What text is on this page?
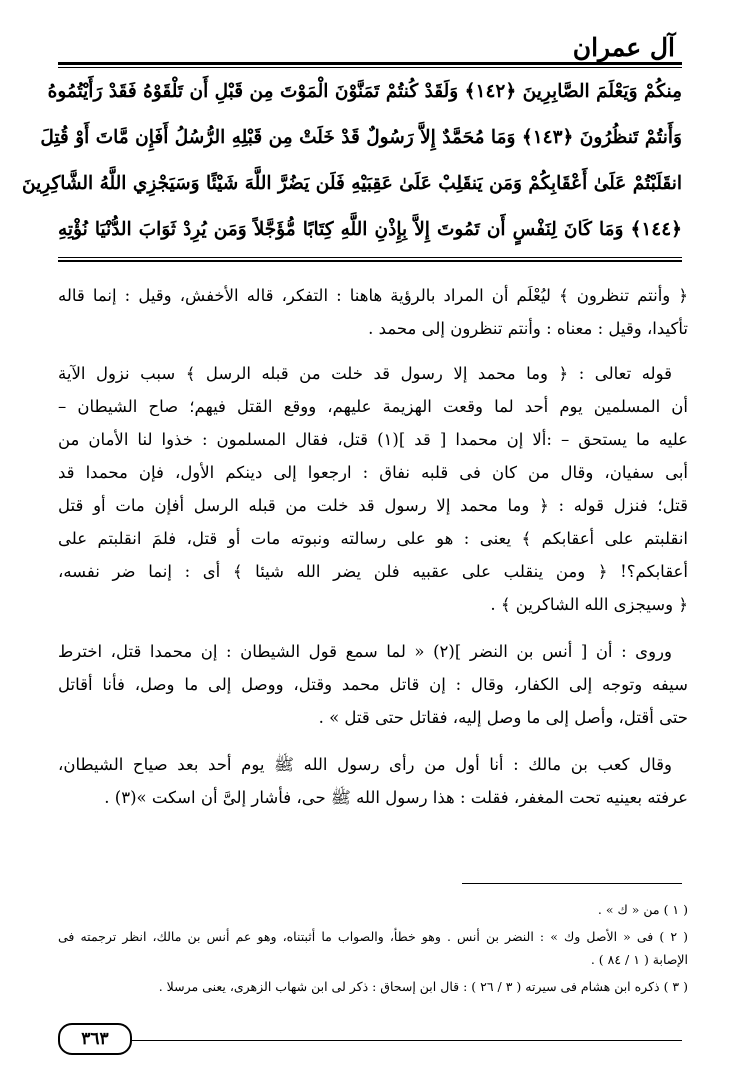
آل عمران
مِنكُمْ وَيَعْلَمَ الصَّابِرِينَ ﴿١٤٢﴾ وَلَقَدْ كُنتُمْ تَمَنَّوْنَ الْمَوْتَ مِن قَبْلِ أَن تَلْقَوْهُ فَقَدْ رَأَيْتُمُوهُ
وَأَنتُمْ تَنظُرُونَ ﴿١٤٣﴾ وَمَا مُحَمَّدٌ إِلاَّ رَسُولٌ قَدْ خَلَتْ مِن قَبْلِهِ الرُّسُلُ أَفَإِن مَّاتَ أَوْ قُتِلَ
انقَلَبْتُمْ عَلَىٰ أَعْقَابِكُمْ وَمَن يَنقَلِبْ عَلَىٰ عَقِبَيْهِ فَلَن يَضُرَّ اللَّهَ شَيْئًا وَسَيَجْزِي اللَّهُ الشَّاكِرِينَ
﴿١٤٤﴾ وَمَا كَانَ لِنَفْسٍ أَن تَمُوتَ إِلاَّ بِإِذْنِ اللَّهِ كِتَابًا مُّؤَجَّلاً وَمَن يُرِدْ ثَوَابَ الدُّنْيَا نُؤْتِهِ
﴿ وأنتم تنظرون ﴾ ليُعْلَم أن المراد بالرؤية هاهنا : التفكر، قاله الأخفش، وقيل : إنما قاله
تأكيدا، وقيل : معناه : وأنتم تنظرون إلى محمد .
قوله تعالى : ﴿ وما محمد إلا رسول قد خلت من قبله الرسل ﴾ سبب نزول الآية
أن المسلمين يوم أحد لما وقعت الهزيمة عليهم، ووقع القتل فيهم؛ صاح الشيطان –
عليه ما يستحق – :ألا إن محمدا [ قد ](١) قتل، فقال المسلمون : خذوا لنا الأمان من
أبى سفيان، وقال من كان فى قلبه نفاق : ارجعوا إلى دينكم الأول، فإن محمدا قد
قتل؛ فنزل قوله : ﴿ وما محمد إلا رسول قد خلت من قبله الرسل أفإن مات أو قتل
انقلبتم على أعقابكم ﴾ يعنى : هو على رسالته ونبوته مات أو قتل، فلمَ انقلبتم على
أعقابكم؟! ﴿ ومن ينقلب على عقبيه فلن يضر الله شيئا ﴾ أى : إنما ضر نفسه،
﴿ وسيجزى الله الشاكرين ﴾ .
وروى : أن [ أنس بن النضر ](٢) « لما سمع قول الشيطان : إن محمدا قتل، اخترط
سيفه وتوجه إلى الكفار، وقال : إن قاتل محمد وقتل، ووصل إلى ما وصل، فأنا أقاتل
حتى أقتل، وأصل إلى ما وصل إليه، فقاتل حتى قتل » .
وقال كعب بن مالك : أنا أول من رأى رسول الله ﷺ يوم أحد بعد صياح الشيطان،
عرفته بعينيه تحت المغفر، فقلت : هذا رسول الله ﷺ حى، فأشار إلىَّ أن اسكت »(٣) .
( ١ ) من « ك » .
( ٢ ) فى « الأصل وك » : النضر بن أنس . وهو خطأ، والصواب ما أثبتناه، وهو عم أنس بن مالك، انظر ترجمته فى
الإصابة ( ١ / ٨٤ ) .
( ٣ ) ذكره ابن هشام فى سيرته ( ٣ / ٢٦ ) : قال ابن إسحاق : ذكر لى ابن شهاب الزهرى، يعنى مرسلا .
٣٦٣
